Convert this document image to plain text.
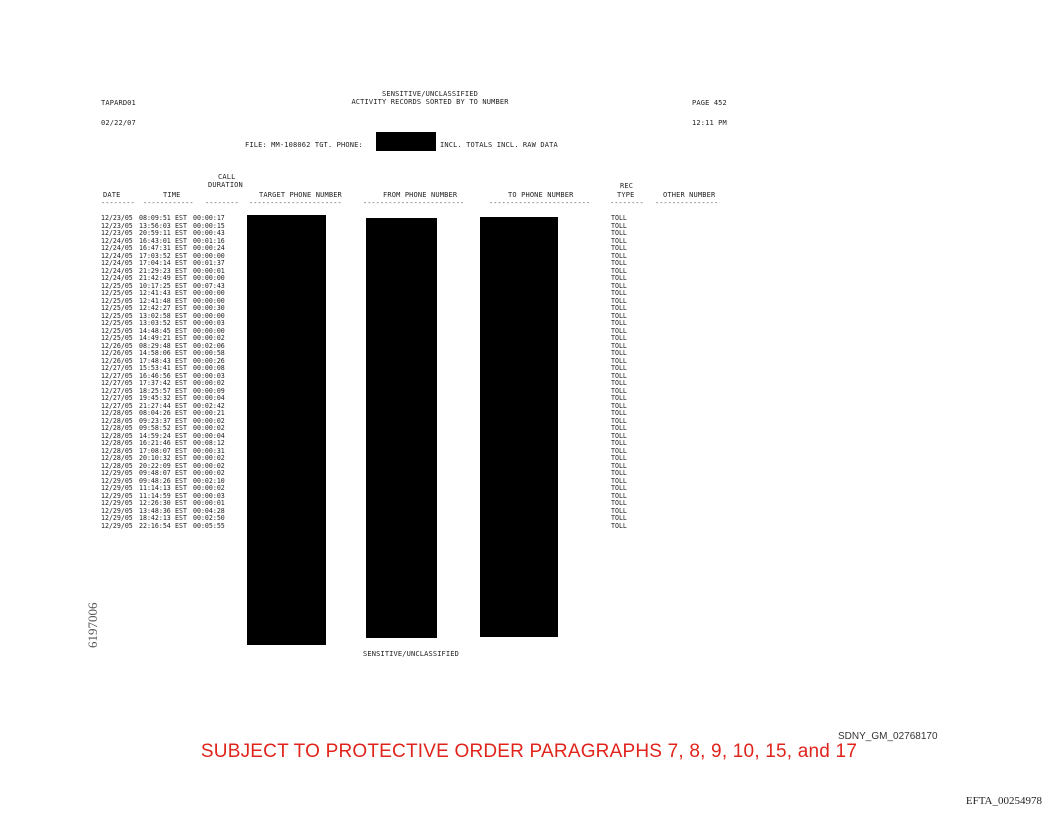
SENSITIVE/UNCLASSIFIED
ACTIVITY RECORDS SORTED BY TO NUMBER
TAPARD01	PAGE 452
02/22/07	12:11 PM
FILE: MM-108062 TGT. PHONE:	INCL. TOTALS INCL. RAW DATA
CALL
DURATION
DATE	TIME	TARGET PHONE NUMBER	FROM PHONE NUMBER	TO PHONE NUMBER
REC
TYPE	OTHER NUMBER
-------- ------------ -------- ----------------------	------------------------	------------------------	-------- ---------------
12/23/05 08:09:51 EST 00:00:17	TOLL
12/23/05 13:56:03 EST 00:00:15	TOLL
12/23/05 20:59:11 EST 00:00:43	TOLL
12/24/05 16:43:01 EST 00:01:16	TOLL
12/24/05 16:47:31 EST 00:00:24	TOLL
12/24/05 17:03:52 EST 00:00:00	TOLL
12/24/05 17:04:14 EST 00:01:37	TOLL
12/24/05 21:29:23 EST 00:00:01	TOLL
12/24/05 21:42:49 EST 00:00:00	TOLL
12/25/05 10:17:25 EST 00:07:43	TOLL
12/25/05 12:41:43 EST 00:00:00	TOLL
12/25/05 12:41:48 EST 00:00:00	TOLL
12/25/05 12:42:27 EST 00:00:30	TOLL
12/25/05 13:02:58 EST 00:00:00	TOLL
12/25/05 13:03:52 EST 00:00:03	TOLL
12/25/05 14:48:45 EST 00:00:00	TOLL
12/25/05 14:49:21 EST 00:00:02	TOLL
12/26/05 08:29:48 EST 00:02:06	TOLL
12/26/05 14:58:06 EST 00:00:58	TOLL
12/26/05 17:48:43 EST 00:00:26	TOLL
12/27/05 15:53:41 EST 00:00:08	TOLL
12/27/05 16:46:56 EST 00:00:03	TOLL
12/27/05 17:37:42 EST 00:00:02	TOLL
12/27/05 18:25:57 EST 00:00:09	TOLL
12/27/05 19:45:32 EST 00:00:04	TOLL
12/27/05 21:27:44 EST 00:02:42	TOLL
12/28/05 08:04:26 EST 00:00:21	TOLL
12/28/05 09:23:37 EST 00:00:02	TOLL
12/28/05 09:58:52 EST 00:00:02	TOLL
12/28/05 14:59:24 EST 00:00:04	TOLL
12/28/05 16:21:46 EST 00:08:12	TOLL
12/28/05 17:08:07 EST 00:00:31	TOLL
12/28/05 20:10:32 EST 00:00:02	TOLL
12/28/05 20:22:09 EST 00:00:02	TOLL
12/29/05 09:48:07 EST 00:00:02	TOLL
12/29/05 09:48:26 EST 00:02:10	TOLL
12/29/05 11:14:13 EST 00:00:02	TOLL
12/29/05 11:14:59 EST 00:00:03	TOLL
12/29/05 12:26:30 EST 00:00:01	TOLL
12/29/05 13:48:36 EST 00:04:28	TOLL
12/29/05 18:42:13 EST 00:02:50	TOLL
12/29/05 22:16:54 EST 00:05:55	TOLL
SENSITIVE/UNCLASSIFIED
6197006
SDNY_GM_02768170
SUBJECT TO PROTECTIVE ORDER PARAGRAPHS 7, 8, 9, 10, 15, and 17
EFTA_00254978
